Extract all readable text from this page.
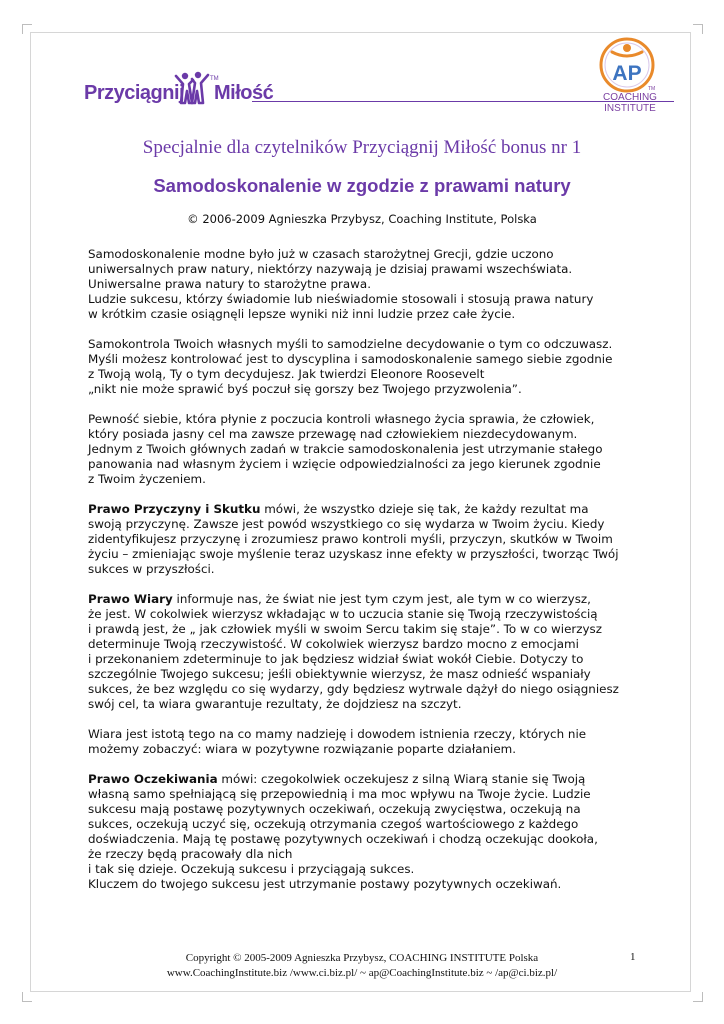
Przyciągnij
TM
Miłość
AP
TM
COACHING
INSTITUTE
Specjalnie dla czytelników Przyciągnij Miłość bonus nr 1
Samodoskonalenie w zgodzie z prawami natury
© 2006-2009 Agnieszka Przybysz, Coaching Institute, Polska

Samodoskonalenie modne było już w czasach starożytnej Grecji, gdzie uczono
uniwersalnych praw natury, niektórzy nazywają je dzisiaj prawami wszechświata.
Uniwersalne prawa natury to starożytne prawa.
Ludzie sukcesu, którzy świadomie lub nieświadomie stosowali i stosują prawa natury
w krótkim czasie osiągnęli lepsze wyniki niż inni ludzie przez całe życie.

Samokontrola Twoich własnych myśli to samodzielne decydowanie o tym co odczuwasz.
Myśli możesz kontrolować jest to dyscyplina i samodoskonalenie samego siebie zgodnie
z Twoją wolą, Ty o tym decydujesz. Jak twierdzi Eleonore Roosevelt
„nikt nie może sprawić byś poczuł się gorszy bez Twojego przyzwolenia”.

Pewność siebie, która płynie z poczucia kontroli własnego życia sprawia, że człowiek,
który posiada jasny cel ma zawsze przewagę nad człowiekiem niezdecydowanym.
Jednym z Twoich głównych zadań w trakcie samodoskonalenia jest utrzymanie stałego
panowania nad własnym życiem i wzięcie odpowiedzialności za jego kierunek zgodnie
z Twoim życzeniem.

Prawo Przyczyny i Skutku mówi, że wszystko dzieje się tak, że każdy rezultat ma
swoją przyczynę. Zawsze jest powód wszystkiego co się wydarza w Twoim życiu. Kiedy
zidentyfikujesz przyczynę i zrozumiesz prawo kontroli myśli, przyczyn, skutków w Twoim
życiu – zmieniając swoje myślenie teraz uzyskasz inne efekty w przyszłości, tworząc Twój
sukces w przyszłości.

Prawo Wiary informuje nas, że świat nie jest tym czym jest, ale tym w co wierzysz,
że jest. W cokolwiek wierzysz wkładając w to uczucia stanie się Twoją rzeczywistością
i prawdą jest, że „ jak człowiek myśli w swoim Sercu takim się staje”. To w co wierzysz
determinuje Twoją rzeczywistość. W cokolwiek wierzysz bardzo mocno z emocjami
i przekonaniem zdeterminuje to jak będziesz widział świat wokół Ciebie. Dotyczy to
szczególnie Twojego sukcesu; jeśli obiektywnie wierzysz, że masz odnieść wspaniały
sukces, że bez względu co się wydarzy, gdy będziesz wytrwale dążył do niego osiągniesz
swój cel, ta wiara gwarantuje rezultaty, że dojdziesz na szczyt.

Wiara jest istotą tego na co mamy nadzieję i dowodem istnienia rzeczy, których nie
możemy zobaczyć: wiara w pozytywne rozwiązanie poparte działaniem.

Prawo Oczekiwania mówi: czegokolwiek oczekujesz z silną Wiarą stanie się Twoją
własną samo spełniającą się przepowiednią i ma moc wpływu na Twoje życie. Ludzie
sukcesu mają postawę pozytywnych oczekiwań, oczekują zwycięstwa, oczekują na
sukces, oczekują uczyć się, oczekują otrzymania czegoś wartościowego z każdego
doświadczenia. Mają tę postawę pozytywnych oczekiwań i chodzą oczekując dookoła,
że rzeczy będą pracowały dla nich
i tak się dzieje. Oczekują sukcesu i przyciągają sukces.
Kluczem do twojego sukcesu jest utrzymanie postawy pozytywnych oczekiwań.

Copyright © 2005-2009 Agnieszka Przybysz, COACHING INSTITUTE Polska
www.CoachingInstitute.biz /www.ci.biz.pl/ ~ ap@CoachingInstitute.biz ~ /ap@ci.biz.pl/
1
